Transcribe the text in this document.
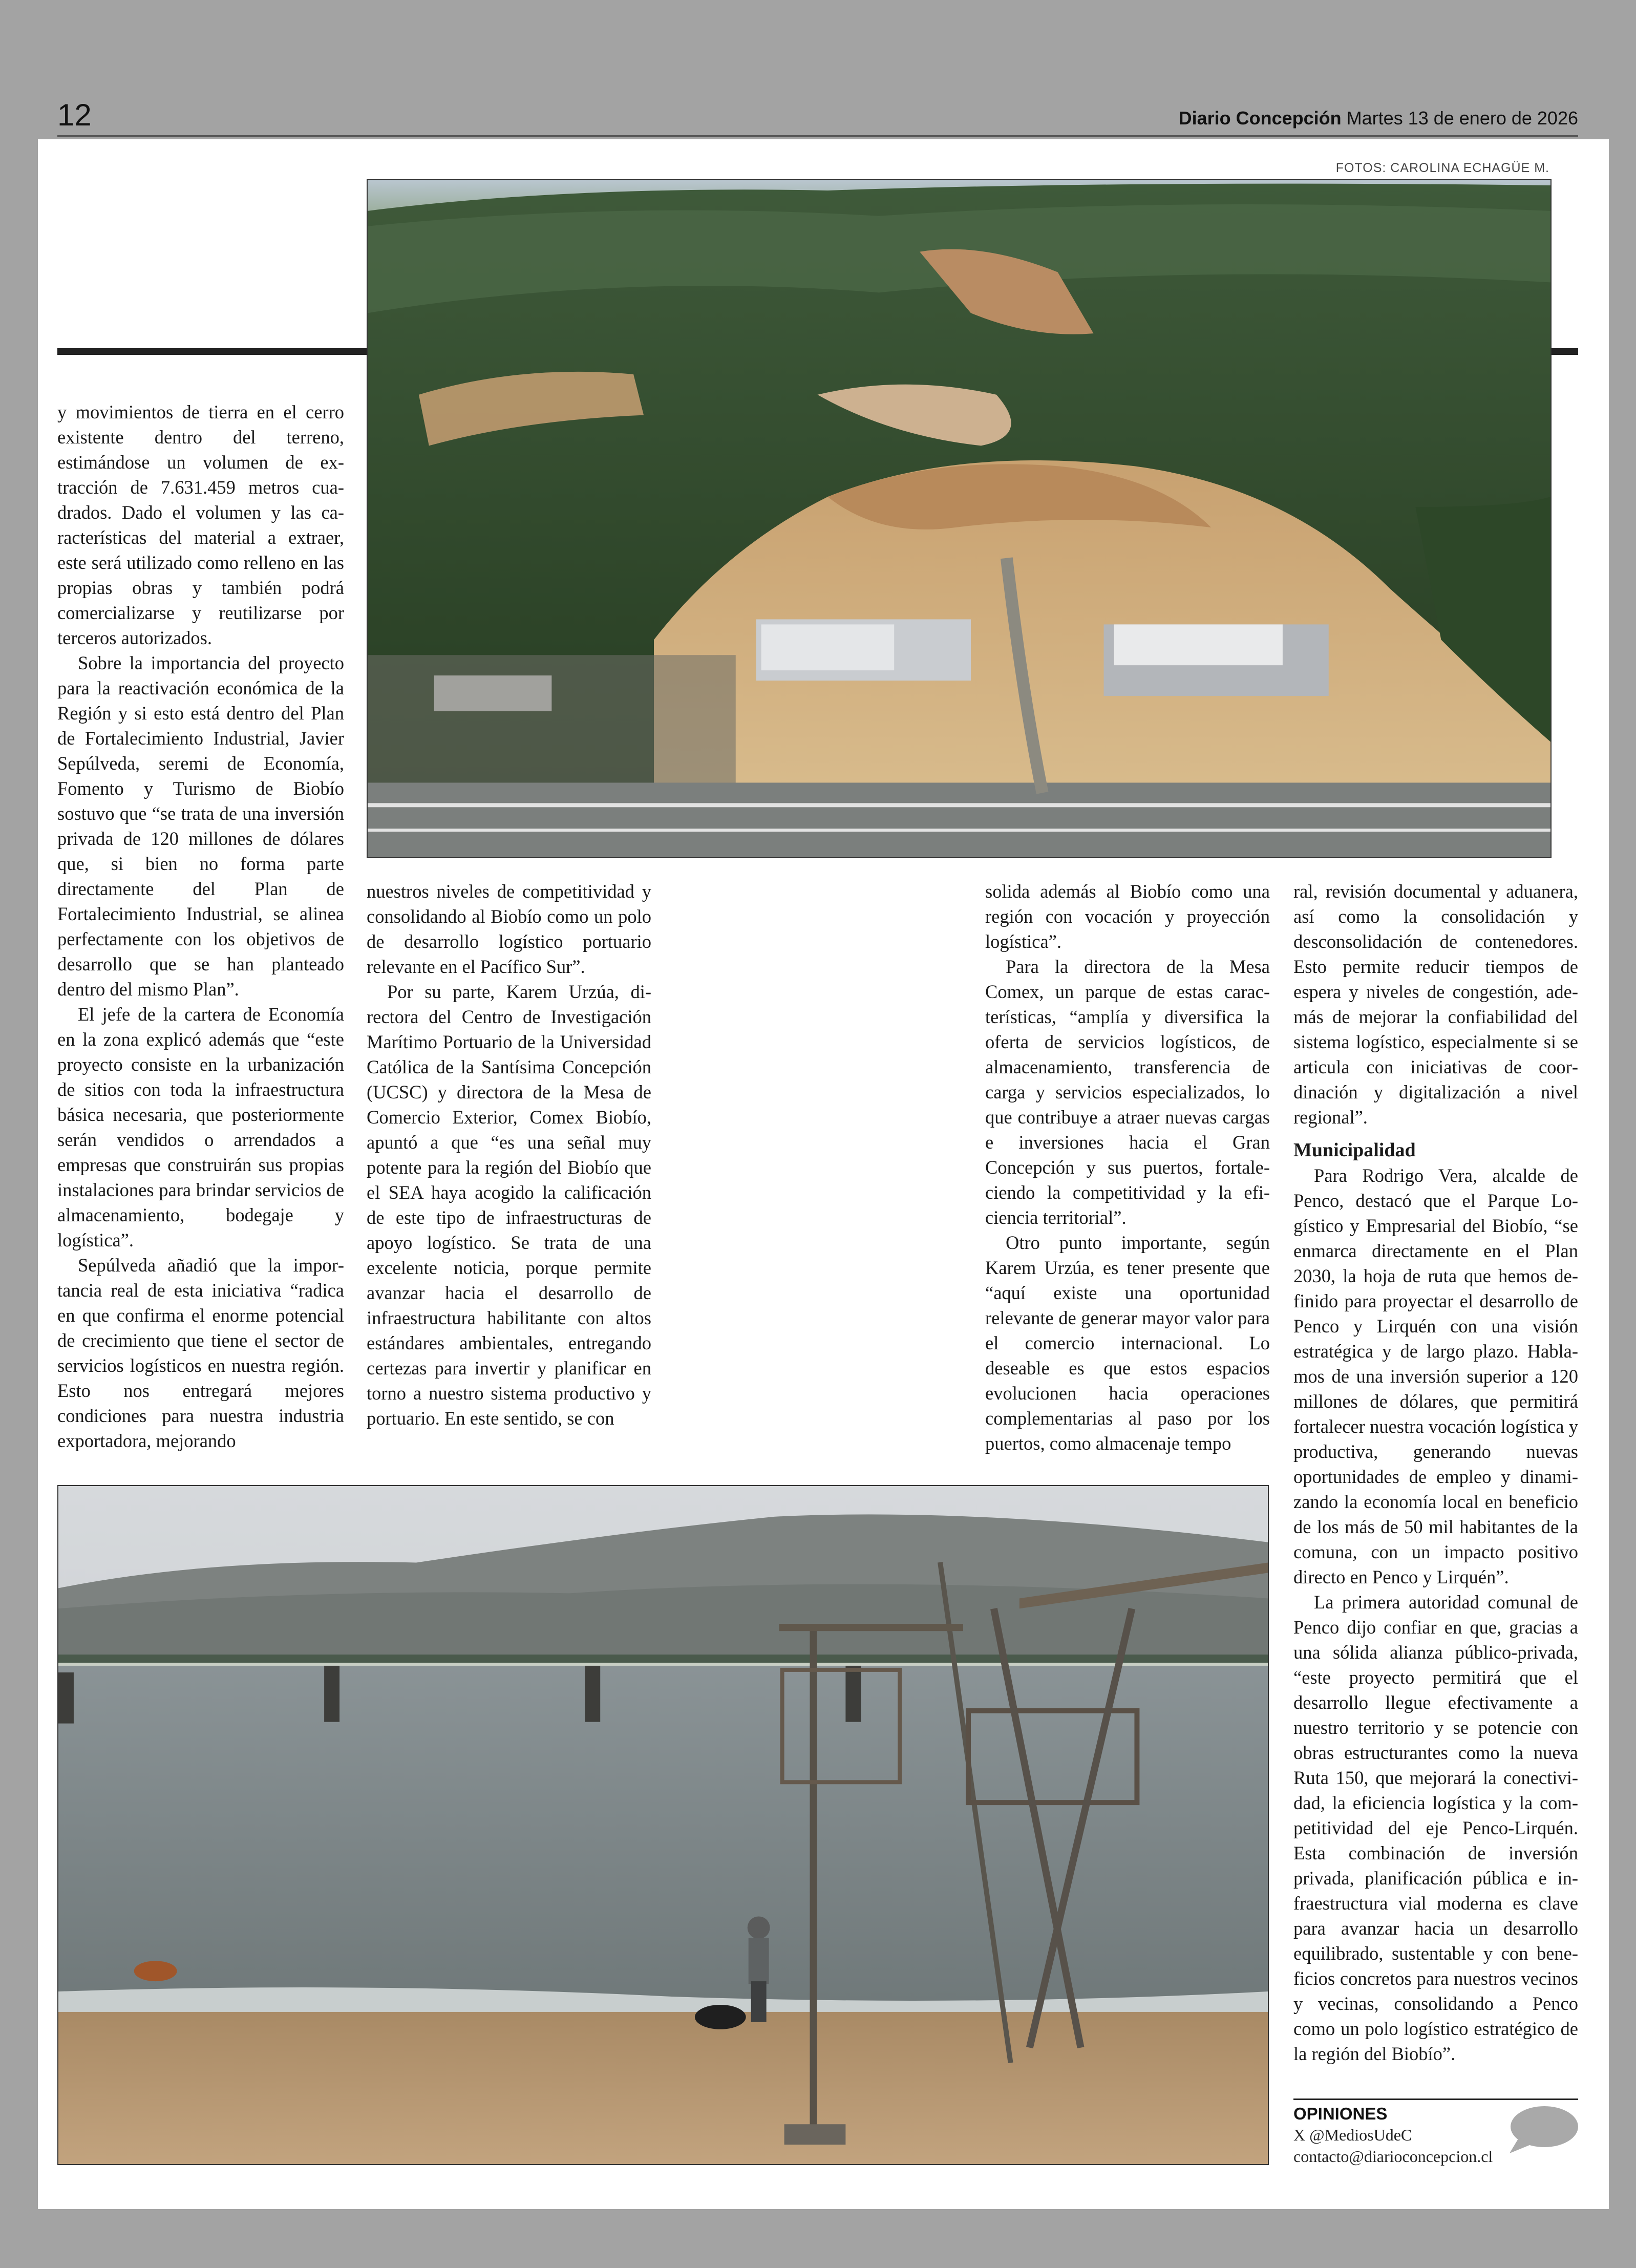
12	Diario Concepción Martes 13 de enero de 2026
FOTOS: CAROLINA ECHAGÜE M.

y movimientos de tierra en el cerro existente dentro del terreno, estimándose un volumen de extracción de 7.631.459 metros cuadrados. Dado el volumen y las características del material a extraer, este será utilizado como relleno en las propias obras y también podrá comercializarse y reutilizarse por terceros autorizados.

Sobre la importancia del proyecto para la reactivación económica de la Región y si esto está dentro del Plan de Fortalecimiento Industrial, Javier Sepúlveda, seremi de Economía, Fomento y Turismo de Biobío sostuvo que “se trata de una inversión privada de 120 millones de dólares que, si bien no forma parte directamente del Plan de Fortalecimiento Industrial, se alinea perfectamente con los objetivos de desarrollo que se han planteado dentro del mismo Plan”.

El jefe de la cartera de Economía en la zona explicó además que “este proyecto consiste en la urbanización de sitios con toda la infraestructura básica necesaria, que posteriormente serán vendidos o arrendados a empresas que construirán sus propias instalaciones para brindar servicios de almacenamiento, bodegaje y logística”.

Sepúlveda añadió que la importancia real de esta iniciativa “radica en que confirma el enorme potencial de crecimiento que tiene el sector de servicios logísticos en nuestra región. Esto nos entregará mejores condiciones para nuestra industria exportadora, mejorando

nuestros niveles de competitividad y consolidando al Biobío como un polo de desarrollo logístico portuario relevante en el Pacífico Sur”.

Por su parte, Karem Urzúa, directora del Centro de Investigación Marítimo Portuario de la Universidad Católica de la Santísima Concepción (UCSC) y directora de la Mesa de Comercio Exterior, Comex Biobío, apuntó a que “es una señal muy potente para la región del Biobío que el SEA haya acogido la calificación de este tipo de infraestructuras de apoyo logístico. Se trata de una excelente noticia, porque permite avanzar hacia el desarrollo de infraestructura habilitante con altos estándares ambientales, entregando certezas para invertir y planificar en torno a nuestro sistema productivo y portuario. En este sentido, se con

solida además al Biobío como una región con vocación y proyección logística”.

Para la directora de la Mesa Comex, un parque de estas características, “amplía y diversifica la oferta de servicios logísticos, de almacenamiento, transferencia de carga y servicios especializados, lo que contribuye a atraer nuevas cargas e inversiones hacia el Gran Concepción y sus puertos, fortaleciendo la competitividad y la eficiencia territorial”.

Otro punto importante, según Karem Urzúa, es tener presente que “aquí existe una oportunidad relevante de generar mayor valor para el comercio internacional. Lo deseable es que estos espacios evolucionen hacia operaciones complementarias al paso por los puertos, como almacenaje tempo

ral, revisión documental y aduanera, así como la consolidación y desconsolidación de contenedores. Esto permite reducir tiempos de espera y niveles de congestión, además de mejorar la confiabilidad del sistema logístico, especialmente si se articula con iniciativas de coordinación y digitalización a nivel regional”.

Municipalidad

Para Rodrigo Vera, alcalde de Penco, destacó que el Parque Logístico y Empresarial del Biobío, “se enmarca directamente en el Plan 2030, la hoja de ruta que hemos definido para proyectar el desarrollo de Penco y Lirquén con una visión estratégica y de largo plazo. Hablamos de una inversión superior a 120 millones de dólares, que permitirá fortalecer nuestra vocación logística y productiva, generando nuevas oportunidades de empleo y dinamizando la economía local en beneficio de los más de 50 mil habitantes de la comuna, con un impacto positivo directo en Penco y Lirquén”.

La primera autoridad comunal de Penco dijo confiar en que, gracias a una sólida alianza público-privada, “este proyecto permitirá que el desarrollo llegue efectivamente a nuestro territorio y se potencie con obras estructurantes como la nueva Ruta 150, que mejorará la conectividad, la eficiencia logística y la competitividad del eje Penco-Lirquén. Esta combinación de inversión privada, planificación pública e infraestructura vial moderna es clave para avanzar hacia un desarrollo equilibrado, sustentable y con beneficios concretos para nuestros vecinos y vecinas, consolidando a Penco como un polo logístico estratégico de la región del Biobío”.

OPINIONES
X @MediosUdeC
contacto@diarioconcepcion.cl
